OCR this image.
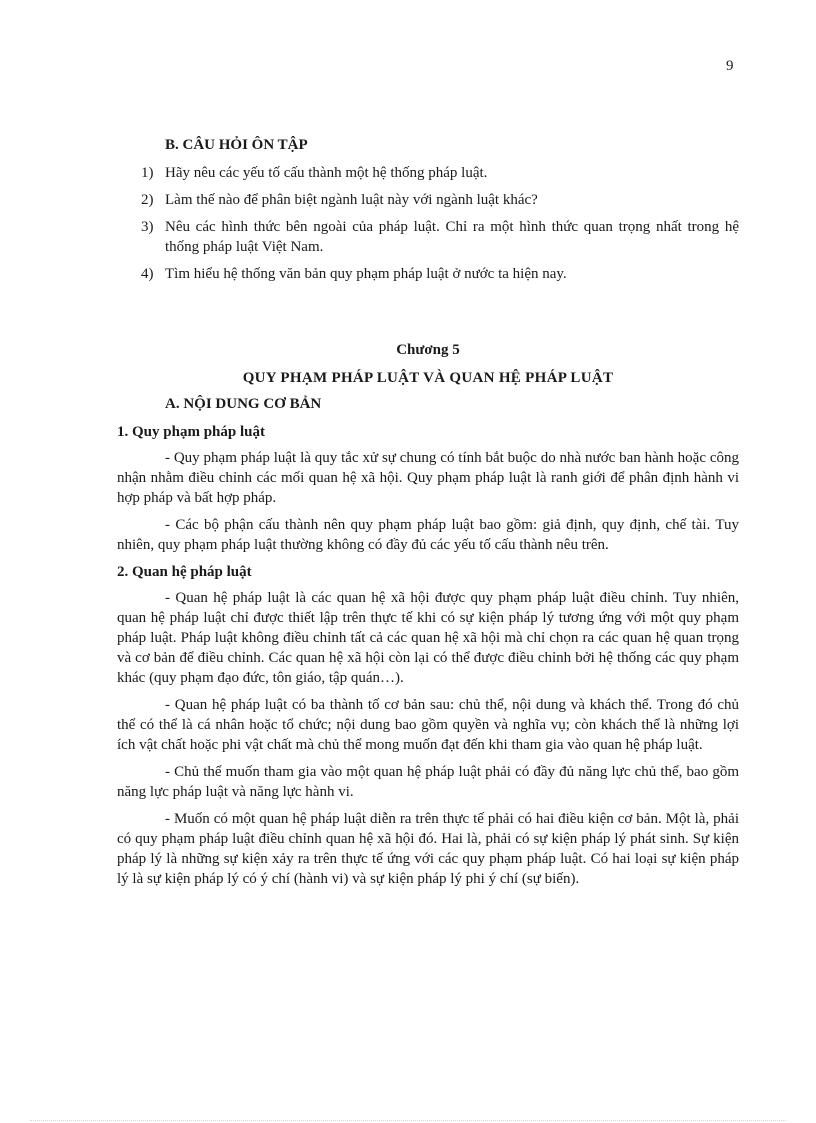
9
B. CÂU HỎI ÔN TẬP
1) Hãy nêu các yếu tố cấu thành một hệ thống pháp luật.
2) Làm thế nào để phân biệt ngành luật này với ngành luật khác?
3) Nêu các hình thức bên ngoài của pháp luật. Chỉ ra một hình thức quan trọng nhất trong hệ thống pháp luật Việt Nam.
4) Tìm hiểu hệ thống văn bản quy phạm pháp luật ở nước ta hiện nay.
Chương 5
QUY PHẠM PHÁP LUẬT VÀ QUAN HỆ PHÁP LUẬT
A. NỘI DUNG CƠ BẢN
1. Quy phạm pháp luật

- Quy phạm pháp luật là quy tắc xử sự chung có tính bắt buộc do nhà nước ban hành hoặc công nhận nhằm điều chỉnh các mối quan hệ xã hội. Quy phạm pháp luật là ranh giới để phân định hành vi hợp pháp và bất hợp pháp.

- Các bộ phận cấu thành nên quy phạm pháp luật bao gồm: giả định, quy định, chế tài. Tuy nhiên, quy phạm pháp luật thường không có đầy đủ các yếu tố cấu thành nêu trên.

2. Quan hệ pháp luật

- Quan hệ pháp luật là các quan hệ xã hội được quy phạm pháp luật điều chỉnh. Tuy nhiên, quan hệ pháp luật chỉ được thiết lập trên thực tế khi có sự kiện pháp lý tương ứng với một quy phạm pháp luật. Pháp luật không điều chỉnh tất cả các quan hệ xã hội mà chỉ chọn ra các quan hệ quan trọng và cơ bản để điều chỉnh. Các quan hệ xã hội còn lại có thể được điều chỉnh bởi hệ thống các quy phạm khác (quy phạm đạo đức, tôn giáo, tập quán…).

- Quan hệ pháp luật có ba thành tố cơ bản sau: chủ thể, nội dung và khách thể. Trong đó chủ thể có thể là cá nhân hoặc tổ chức; nội dung bao gồm quyền và nghĩa vụ; còn khách thể là những lợi ích vật chất hoặc phi vật chất mà chủ thể mong muốn đạt đến khi tham gia vào quan hệ pháp luật.

- Chủ thể muốn tham gia vào một quan hệ pháp luật phải có đầy đủ năng lực chủ thể, bao gồm năng lực pháp luật và năng lực hành vi.

- Muốn có một quan hệ pháp luật diễn ra trên thực tế phải có hai điều kiện cơ bản. Một là, phải có quy phạm pháp luật điều chỉnh quan hệ xã hội đó. Hai là, phải có sự kiện pháp lý phát sinh. Sự kiện pháp lý là những sự kiện xảy ra trên thực tế ứng với các quy phạm pháp luật. Có hai loại sự kiện pháp lý là sự kiện pháp lý có ý chí (hành vi) và sự kiện pháp lý phi ý chí (sự biến).
